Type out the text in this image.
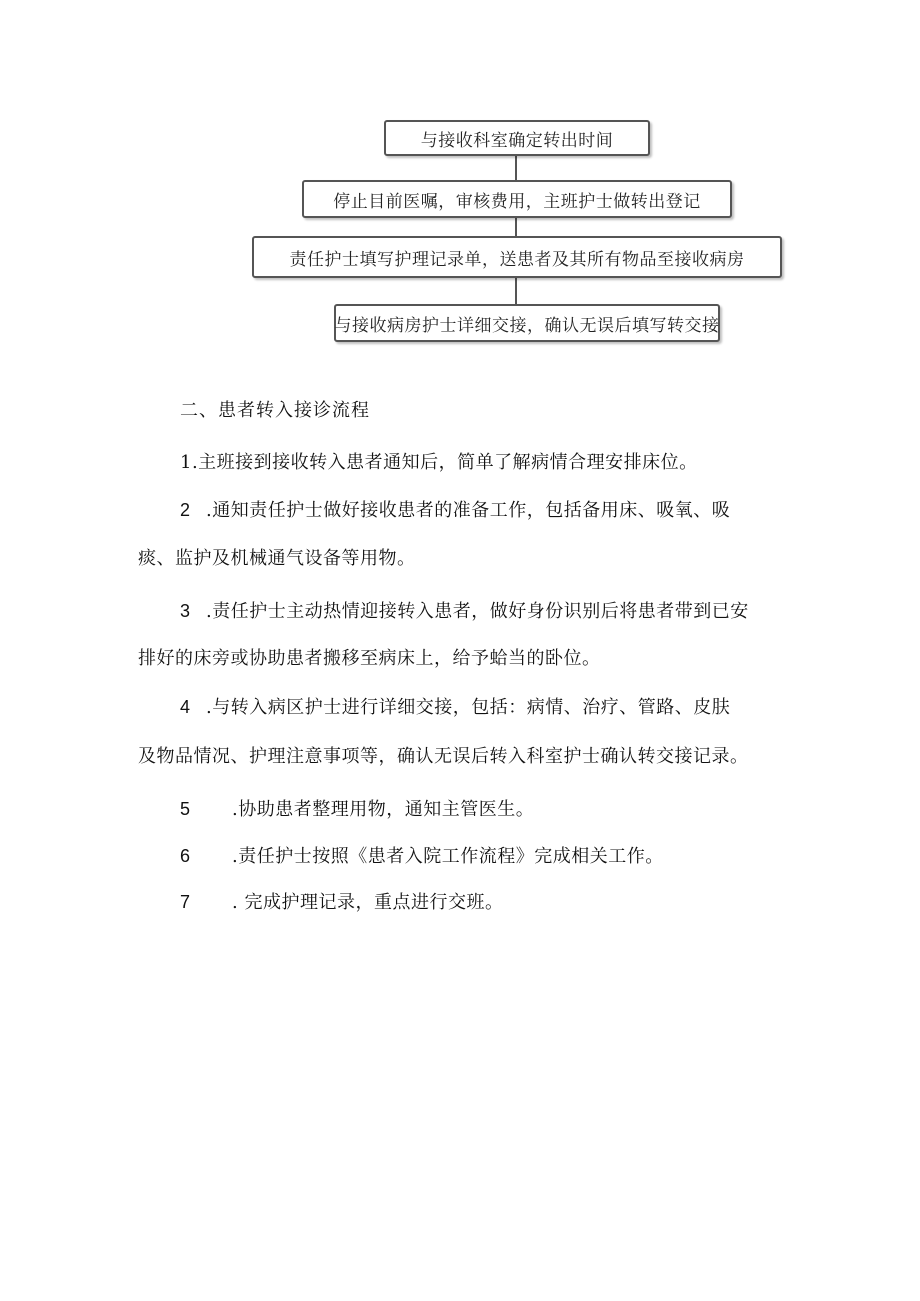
与接收科室确定转出时间
停止目前医嘱，审核费用，主班护士做转出登记
责任护士填写护理记录单，送患者及其所有物品至接收病房
与接收病房护士详细交接，确认无误后填写转交接
二、患者转入接诊流程
1.主班接到接收转入患者通知后，简单了解病情合理安排床位。
2 .通知责任护士做好接收患者的准备工作，包括备用床、吸氧、吸
痰、监护及机械通气设备等用物。
3 .责任护士主动热情迎接转入患者，做好身份识别后将患者带到已安
排好的床旁或协助患者搬移至病床上，给予蛤当的卧位。
4 .与转入病区护士进行详细交接，包括：病情、治疗、管路、皮肤
及物品情况、护理注意事项等，确认无误后转入科室护士确认转交接记录。
5 .协助患者整理用物，通知主管医生。
6 .责任护士按照《患者入院工作流程》完成相关工作。
7 . 完成护理记录，重点进行交班。
